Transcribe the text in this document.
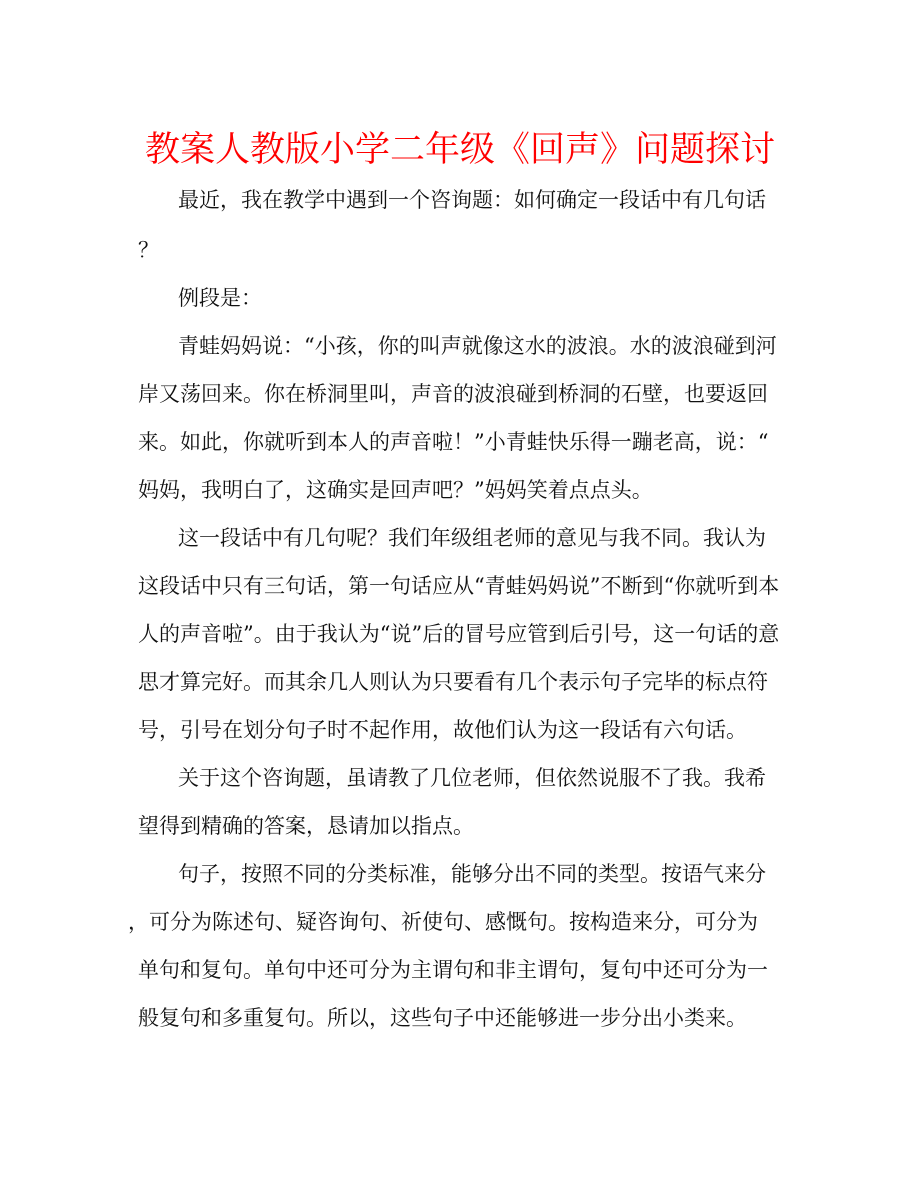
教案人教版小学二年级《回声》问题探讨

最近，我在教学中遇到一个咨询题：如何确定一段话中有几句话

？

例段是：

青蛙妈妈说：“小孩，你的叫声就像这水的波浪。水的波浪碰到河

岸又荡回来。你在桥洞里叫，声音的波浪碰到桥洞的石壁，也要返回

来。如此，你就听到本人的声音啦！”小青蛙快乐得一蹦老高，说：“

妈妈，我明白了，这确实是回声吧？”妈妈笑着点点头。

这一段话中有几句呢？我们年级组老师的意见与我不同。我认为

这段话中只有三句话，第一句话应从“青蛙妈妈说”不断到“你就听到本

人的声音啦”。由于我认为“说”后的冒号应管到后引号，这一句话的意

思才算完好。而其余几人则认为只要看有几个表示句子完毕的标点符

号，引号在划分句子时不起作用，故他们认为这一段话有六句话。

关于这个咨询题，虽请教了几位老师，但依然说服不了我。我希

望得到精确的答案，恳请加以指点。

句子，按照不同的分类标准，能够分出不同的类型。按语气来分

，可分为陈述句、疑咨询句、祈使句、感慨句。按构造来分，可分为

单句和复句。单句中还可分为主谓句和非主谓句，复句中还可分为一

般复句和多重复句。所以，这些句子中还能够进一步分出小类来。
